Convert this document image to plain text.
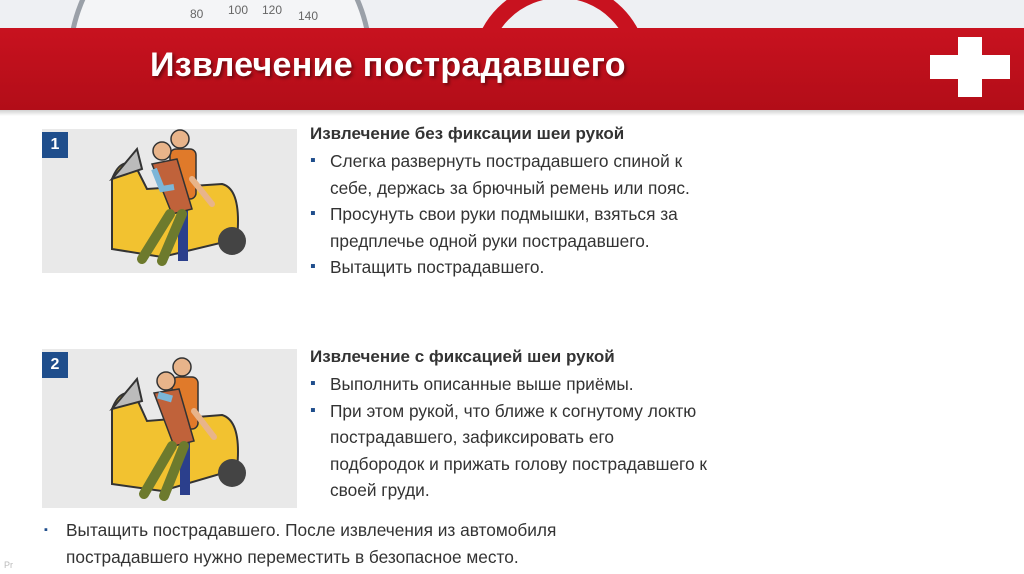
80 100 120 140
Извлечение пострадавшего
1
2
Извлечение без фиксации шеи рукой
▪ Слегка развернуть пострадавшего спиной к себе, держась за брючный ремень или пояс.
▪ Просунуть свои руки подмышки, взяться за предплечье одной руки пострадавшего.
▪ Вытащить пострадавшего.
Извлечение с фиксацией шеи рукой
▪ Выполнить описанные выше приёмы.
▪ При этом рукой, что ближе к согнутому локтю пострадавшего, зафиксировать его подбородок и прижать голову пострадавшего к своей груди.
▪ Вытащить пострадавшего. После извлечения из автомобиля пострадавшего нужно переместить в безопасное место.
Pr
